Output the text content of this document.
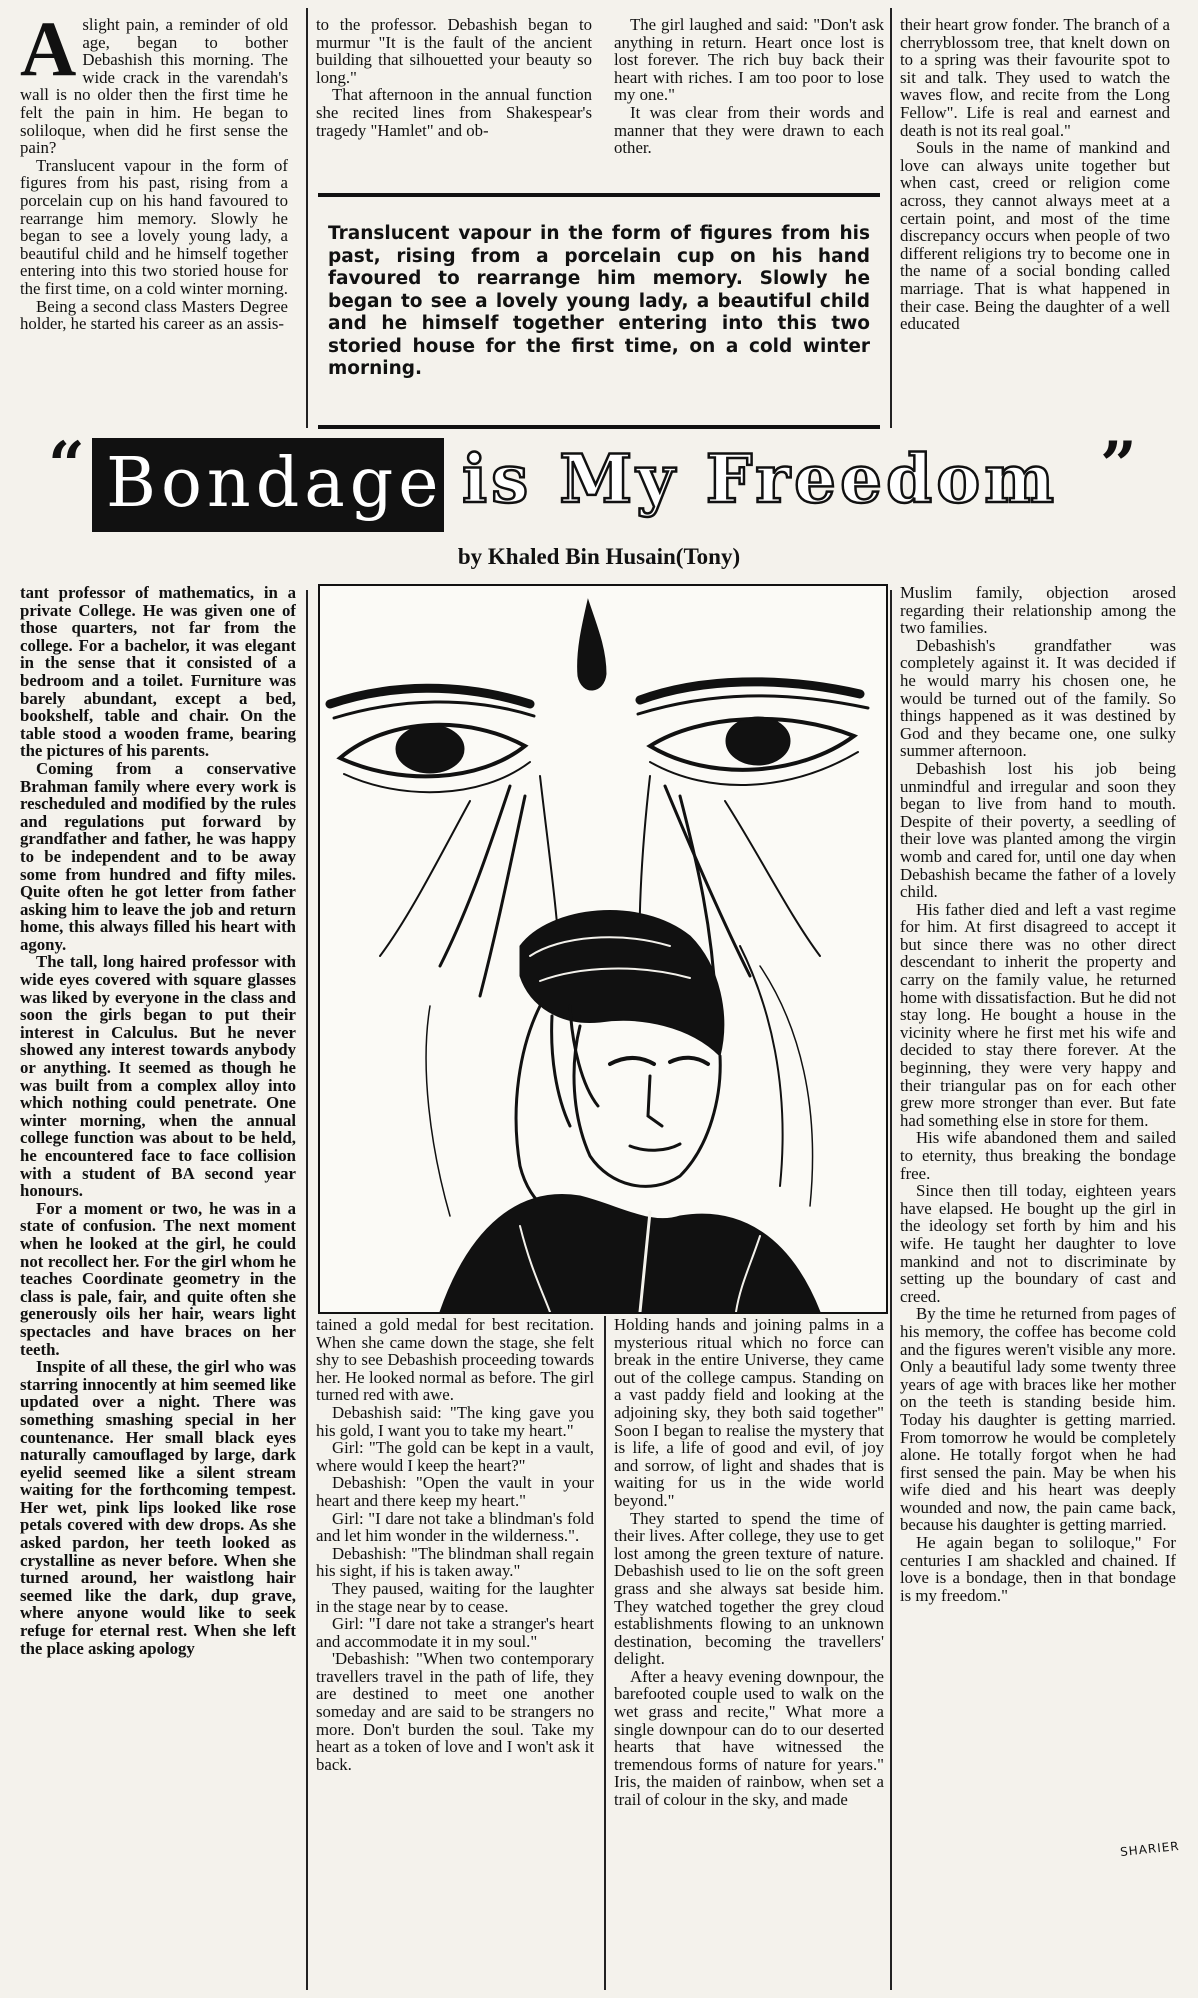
A slight pain, a reminder of old age, began to bother Debashish this morning. The wide crack in the varendah's wall is no older then the first time he felt the pain in him. He began to soliloque, when did he first sense the pain?

Translucent vapour in the form of figures from his past, rising from a porcelain cup on his hand favoured to rearrange him memory. Slowly he began to see a lovely young lady, a beautiful child and he himself together entering into this two storied house for the first time, on a cold winter morning.

Being a second class Masters Degree holder, he started his career as an assis-

to the professor. Debashish began to murmur "It is the fault of the ancient building that silhouetted your beauty so long."

That afternoon in the annual function she recited lines from Shakespear's tragedy "Hamlet" and ob-

The girl laughed and said: "Don't ask anything in return. Heart once lost is lost forever. The rich buy back their heart with riches. I am too poor to lose my one."

It was clear from their words and manner that they were drawn to each other.

their heart grow fonder. The branch of a cherryblossom tree, that knelt down on to a spring was their favourite spot to sit and talk. They used to watch the waves flow, and recite from the Long Fellow". Life is real and earnest and death is not its real goal."

Souls in the name of mankind and love can always unite together but when cast, creed or religion come across, they cannot always meet at a certain point, and most of the time discrepancy occurs when people of two different religions try to become one in the name of a social bonding called marriage. That is what happened in their case. Being the daughter of a well educated

Translucent vapour in the form of figures from his past, rising from a porcelain cup on his hand favoured to rearrange him memory. Slowly he began to see a lovely young lady, a beautiful child and he himself together entering into this two storied house for the first time, on a cold winter morning.
“ Bondage is My Freedom ”
by Khaled Bin Husain(Tony)
SHARIER

tant professor of mathematics, in a private College. He was given one of those quarters, not far from the college. For a bachelor, it was elegant in the sense that it consisted of a bedroom and a toilet. Furniture was barely abundant, except a bed, bookshelf, table and chair. On the table stood a wooden frame, bearing the pictures of his parents.

Coming from a conservative Brahman family where every work is rescheduled and modified by the rules and regulations put forward by grandfather and father, he was happy to be independent and to be away some from hundred and fifty miles. Quite often he got letter from father asking him to leave the job and return home, this always filled his heart with agony.

The tall, long haired professor with wide eyes covered with square glasses was liked by everyone in the class and soon the girls began to put their interest in Calculus. But he never showed any interest towards anybody or anything. It seemed as though he was built from a complex alloy into which nothing could penetrate. One winter morning, when the annual college function was about to be held, he encountered face to face collision with a student of BA second year honours.

For a moment or two, he was in a state of confusion. The next moment when he looked at the girl, he could not recollect her. For the girl whom he teaches Coordinate geometry in the class is pale, fair, and quite often she generously oils her hair, wears light spectacles and have braces on her teeth.

Inspite of all these, the girl who was starring innocently at him seemed like updated over a night. There was something smashing special in her countenance. Her small black eyes naturally camouflaged by large, dark eyelid seemed like a silent stream waiting for the forthcoming tempest. Her wet, pink lips looked like rose petals covered with dew drops. As she asked pardon, her teeth looked as crystalline as never before. When she turned around, her waistlong hair seemed like the dark, dup grave, where anyone would like to seek refuge for eternal rest. When she left the place asking apology

tained a gold medal for best recitation. When she came down the stage, she felt shy to see Debashish proceeding towards her. He looked normal as before. The girl turned red with awe.

Debashish said: "The king gave you his gold, I want you to take my heart."

Girl: "The gold can be kept in a vault, where would I keep the heart?"

Debashish: "Open the vault in your heart and there keep my heart."

Girl: "I dare not take a blindman's fold and let him wonder in the wilderness.".

Debashish: "The blindman shall regain his sight, if his is taken away."

They paused, waiting for the laughter in the stage near by to cease.

Girl: "I dare not take a stranger's heart and accommodate it in my soul."

'Debashish: "When two contemporary travellers travel in the path of life, they are destined to meet one another someday and are said to be strangers no more. Don't burden the soul. Take my heart as a token of love and I won't ask it back.

Holding hands and joining palms in a mysterious ritual which no force can break in the entire Universe, they came out of the college campus. Standing on a vast paddy field and looking at the adjoining sky, they both said together" Soon I began to realise the mystery that is life, a life of good and evil, of joy and sorrow, of light and shades that is waiting for us in the wide world beyond."

They started to spend the time of their lives. After college, they use to get lost among the green texture of nature. Debashish used to lie on the soft green grass and she always sat beside him. They watched together the grey cloud establishments flowing to an unknown destination, becoming the travellers' delight.

After a heavy evening downpour, the barefooted couple used to walk on the wet grass and recite," What more a single downpour can do to our deserted hearts that have witnessed the tremendous forms of nature for years." Iris, the maiden of rainbow, when set a trail of colour in the sky, and made

Muslim family, objection arosed regarding their relationship among the two families.

Debashish's grandfather was completely against it. It was decided if he would marry his chosen one, he would be turned out of the family. So things happened as it was destined by God and they became one, one sulky summer afternoon.

Debashish lost his job being unmindful and irregular and soon they began to live from hand to mouth. Despite of their poverty, a seedling of their love was planted among the virgin womb and cared for, until one day when Debashish became the father of a lovely child.

His father died and left a vast regime for him. At first disagreed to accept it but since there was no other direct descendant to inherit the property and carry on the family value, he returned home with dissatisfaction. But he did not stay long. He bought a house in the vicinity where he first met his wife and decided to stay there forever. At the beginning, they were very happy and their triangular pas on for each other grew more stronger than ever. But fate had something else in store for them.

His wife abandoned them and sailed to eternity, thus breaking the bondage free.

Since then till today, eighteen years have elapsed. He bought up the girl in the ideology set forth by him and his wife. He taught her daughter to love mankind and not to discriminate by setting up the boundary of cast and creed.

By the time he returned from pages of his memory, the coffee has become cold and the figures weren't visible any more. Only a beautiful lady some twenty three years of age with braces like her mother on the teeth is standing beside him. Today his daughter is getting married. From tomorrow he would be completely alone. He totally forgot when he had first sensed the pain. May be when his wife died and his heart was deeply wounded and now, the pain came back, because his daughter is getting married.

He again began to soliloque," For centuries I am shackled and chained. If love is a bondage, then in that bondage is my freedom."
